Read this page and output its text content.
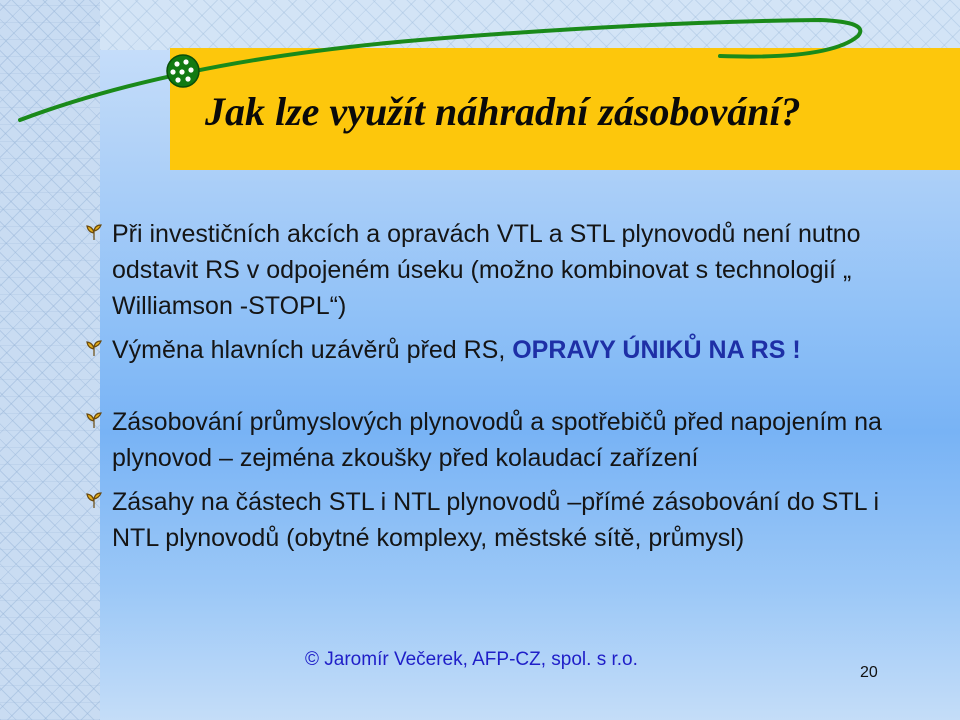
Jak lze využít náhradní zásobování?
Při investičních akcích a opravách VTL a STL plynovodů není nutno odstavit RS v odpojeném úseku (možno kombinovat s technologií „ Williamson -STOPL“)
Výměna hlavních uzávěrů před RS, OPRAVY ÚNIKŮ NA RS !
Zásobování průmyslových plynovodů a spotřebičů před napojením na plynovod – zejména zkoušky před kolaudací zařízení
Zásahy na částech STL i NTL plynovodů –přímé zásobování do STL i NTL plynovodů (obytné komplexy, městské sítě, průmysl)
© Jaromír Večerek, AFP-CZ, spol. s r.o.
20
